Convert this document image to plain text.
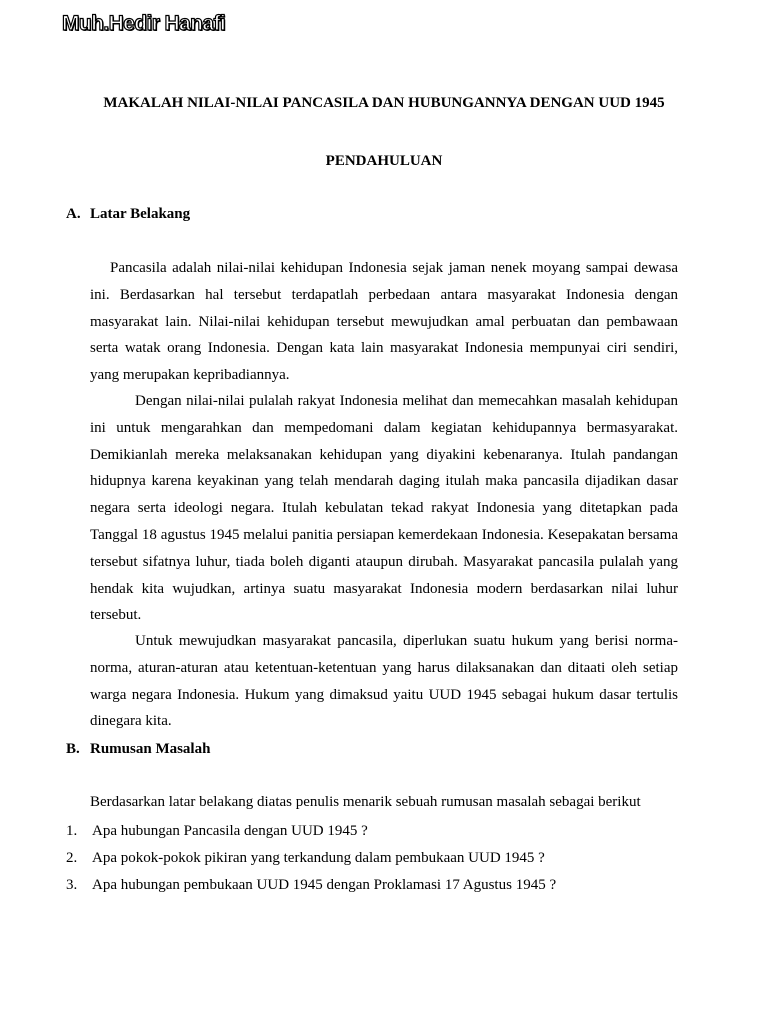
Muh.Hedir Hanafi
MAKALAH NILAI-NILAI PANCASILA DAN HUBUNGANNYA DENGAN UUD 1945
PENDAHULUAN
A. Latar Belakang

Pancasila adalah nilai-nilai kehidupan Indonesia sejak jaman nenek moyang sampai dewasa ini. Berdasarkan hal tersebut terdapatlah perbedaan antara masyarakat Indonesia dengan masyarakat lain. Nilai-nilai kehidupan tersebut mewujudkan amal perbuatan dan pembawaan serta watak orang Indonesia. Dengan kata lain masyarakat Indonesia mempunyai ciri sendiri, yang merupakan kepribadiannya.

Dengan nilai-nilai pulalah rakyat Indonesia melihat dan memecahkan masalah kehidupan ini untuk mengarahkan dan mempedomani dalam kegiatan kehidupannya bermasyarakat. Demikianlah mereka melaksanakan kehidupan yang diyakini kebenaranya. Itulah pandangan hidupnya karena keyakinan yang telah mendarah daging itulah maka pancasila dijadikan dasar negara serta ideologi negara. Itulah kebulatan tekad rakyat Indonesia yang ditetapkan pada Tanggal 18 agustus 1945 melalui panitia persiapan kemerdekaan Indonesia. Kesepakatan bersama tersebut sifatnya luhur, tiada boleh diganti ataupun dirubah. Masyarakat pancasila pulalah yang hendak kita wujudkan, artinya suatu masyarakat Indonesia modern berdasarkan nilai luhur tersebut.

Untuk mewujudkan masyarakat pancasila, diperlukan suatu hukum yang berisi norma-norma, aturan-aturan atau ketentuan-ketentuan yang harus dilaksanakan dan ditaati oleh setiap warga negara Indonesia. Hukum yang dimaksud yaitu UUD 1945 sebagai hukum dasar tertulis dinegara kita.

B. Rumusan Masalah
Berdasarkan latar belakang diatas penulis menarik sebuah rumusan masalah sebagai berikut
1. Apa hubungan Pancasila dengan UUD 1945 ?
2. Apa pokok-pokok pikiran yang terkandung dalam pembukaan UUD 1945 ?
3. Apa hubungan pembukaan UUD 1945 dengan Proklamasi 17 Agustus 1945 ?
